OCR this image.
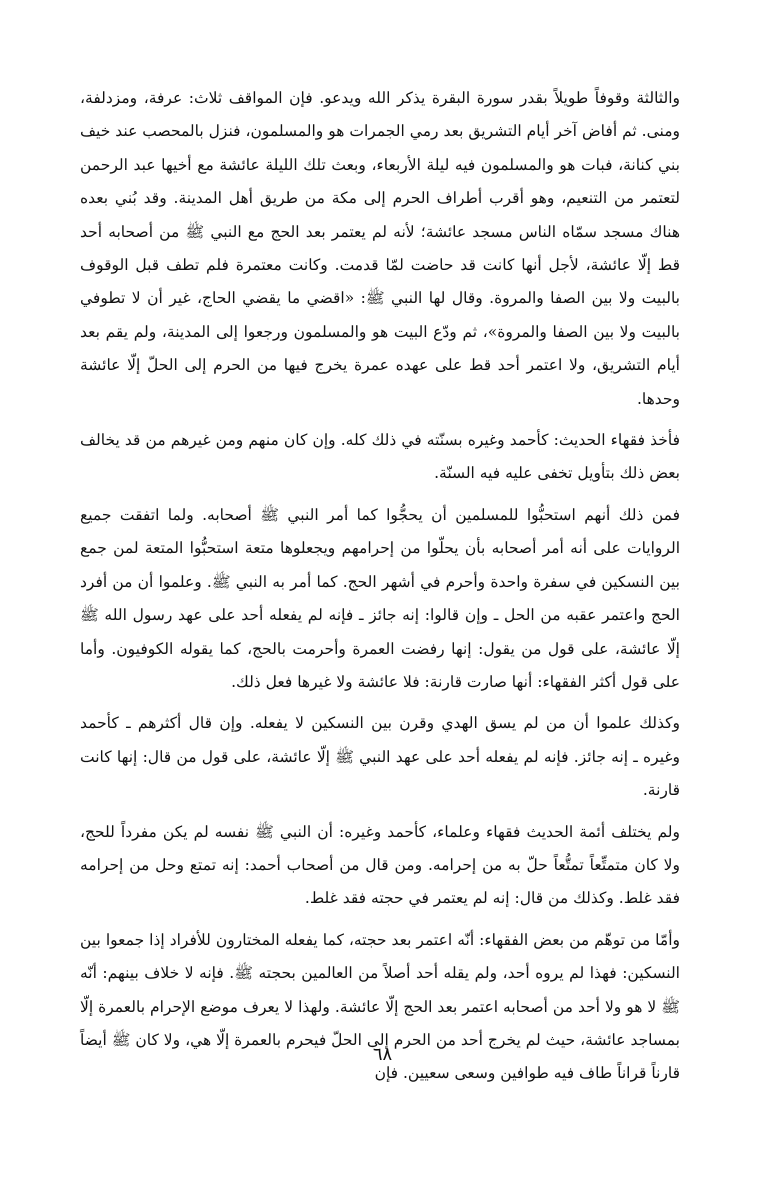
والثالثة وقوفاً طويلاً بقدر سورة البقرة يذكر الله ويدعو. فإن المواقف ثلاث: عرفة، ومزدلفة، ومنى. ثم أفاض آخر أيام التشريق بعد رمي الجمرات هو والمسلمون، فنزل بالمحصب عند خيف بني كنانة، فبات هو والمسلمون فيه ليلة الأربعاء، وبعث تلك الليلة عائشة مع أخيها عبد الرحمن لتعتمر من التنعيم، وهو أقرب أطراف الحرم إلى مكة من طريق أهل المدينة. وقد بُني بعده هناك مسجد سمّاه الناس مسجد عائشة؛ لأنه لم يعتمر بعد الحج مع النبي ﷺ من أصحابه أحد قط إلّا عائشة، لأجل أنها كانت قد حاضت لمّا قدمت. وكانت معتمرة فلم تطف قبل الوقوف بالبيت ولا بين الصفا والمروة. وقال لها النبي ﷺ: «اقضي ما يقضي الحاج، غير أن لا تطوفي بالبيت ولا بين الصفا والمروة»، ثم ودّع البيت هو والمسلمون ورجعوا إلى المدينة، ولم يقم بعد أيام التشريق، ولا اعتمر أحد قط على عهده عمرة يخرج فيها من الحرم إلى الحلّ إلّا عائشة وحدها.

فأخذ فقهاء الحديث: كأحمد وغيره بسنّته في ذلك كله. وإن كان منهم ومن غيرهم من قد يخالف بعض ذلك بتأويل تخفى عليه فيه السنّة.

فمن ذلك أنهم استحبُّوا للمسلمين أن يحجُّوا كما أمر النبي ﷺ أصحابه. ولما اتفقت جميع الروايات على أنه أمر أصحابه بأن يحلّوا من إحرامهم ويجعلوها متعة استحبُّوا المتعة لمن جمع بين النسكين في سفرة واحدة وأحرم في أشهر الحج. كما أمر به النبي ﷺ. وعلموا أن من أفرد الحج واعتمر عقبه من الحل ـ وإن قالوا: إنه جائز ـ فإنه لم يفعله أحد على عهد رسول الله ﷺ إلّا عائشة، على قول من يقول: إنها رفضت العمرة وأحرمت بالحج، كما يقوله الكوفيون. وأما على قول أكثر الفقهاء: أنها صارت قارنة: فلا عائشة ولا غيرها فعل ذلك.

وكذلك علموا أن من لم يسق الهدي وقرن بين النسكين لا يفعله. وإن قال أكثرهم ـ كأحمد وغيره ـ إنه جائز. فإنه لم يفعله أحد على عهد النبي ﷺ إلّا عائشة، على قول من قال: إنها كانت قارنة.

ولم يختلف أئمة الحديث فقهاء وعلماء، كأحمد وغيره: أن النبي ﷺ نفسه لم يكن مفرداً للحج، ولا كان متمتِّعاً تمتُّعاً حلّ به من إحرامه. ومن قال من أصحاب أحمد: إنه تمتع وحل من إحرامه فقد غلط. وكذلك من قال: إنه لم يعتمر في حجته فقد غلط.

وأمّا من توهّم من بعض الفقهاء: أنّه اعتمر بعد حجته، كما يفعله المختارون للأفراد إذا جمعوا بين النسكين: فهذا لم يروه أحد، ولم يقله أحد أصلاً من العالمين بحجته ﷺ. فإنه لا خلاف بينهم: أنّه ﷺ لا هو ولا أحد من أصحابه اعتمر بعد الحج إلّا عائشة. ولهذا لا يعرف موضع الإحرام بالعمرة إلّا بمساجد عائشة، حيث لم يخرج أحد من الحرم إلى الحلّ فيحرم بالعمرة إلّا هي، ولا كان ﷺ أيضاً قارناً قراناً طاف فيه طوافين وسعى سعيين. فإن

٦٨
